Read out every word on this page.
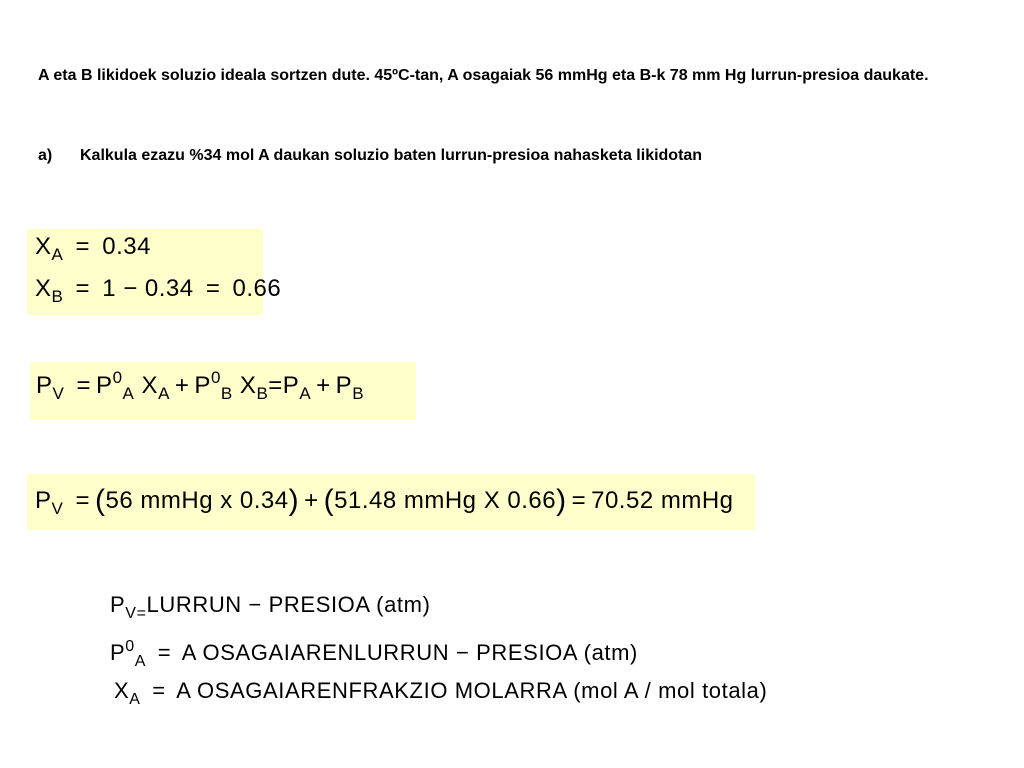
A eta B likidoek soluzio ideala sortzen dute. 45ºC-tan, A osagaiak 56 mmHg eta B-k 78 mm Hg lurrun-presioa daukate.
a) Kalkula ezazu %34 mol A daukan soluzio baten lurrun-presioa nahasketa likidotan
$X_A = 0.34$
$X_B = 1 - 0.34 = 0.66$
$P_V = P^0_A$ $X_A + P^0_B$ $X_B=P_A + P_B$
$P_V = (56$ mmHg x 0.34) + (51.48 mmHg X 0.66) = 70.52 mmHg
$P_{V=}LURRUN$ − PRESIOA (atm)
$P^0_A = A$ OSAGAIARENLURRUN − PRESIOA (atm)
$X_A = A$ OSAGAIARENFRAKZIO MOLARRA (mol A / mol totala)
